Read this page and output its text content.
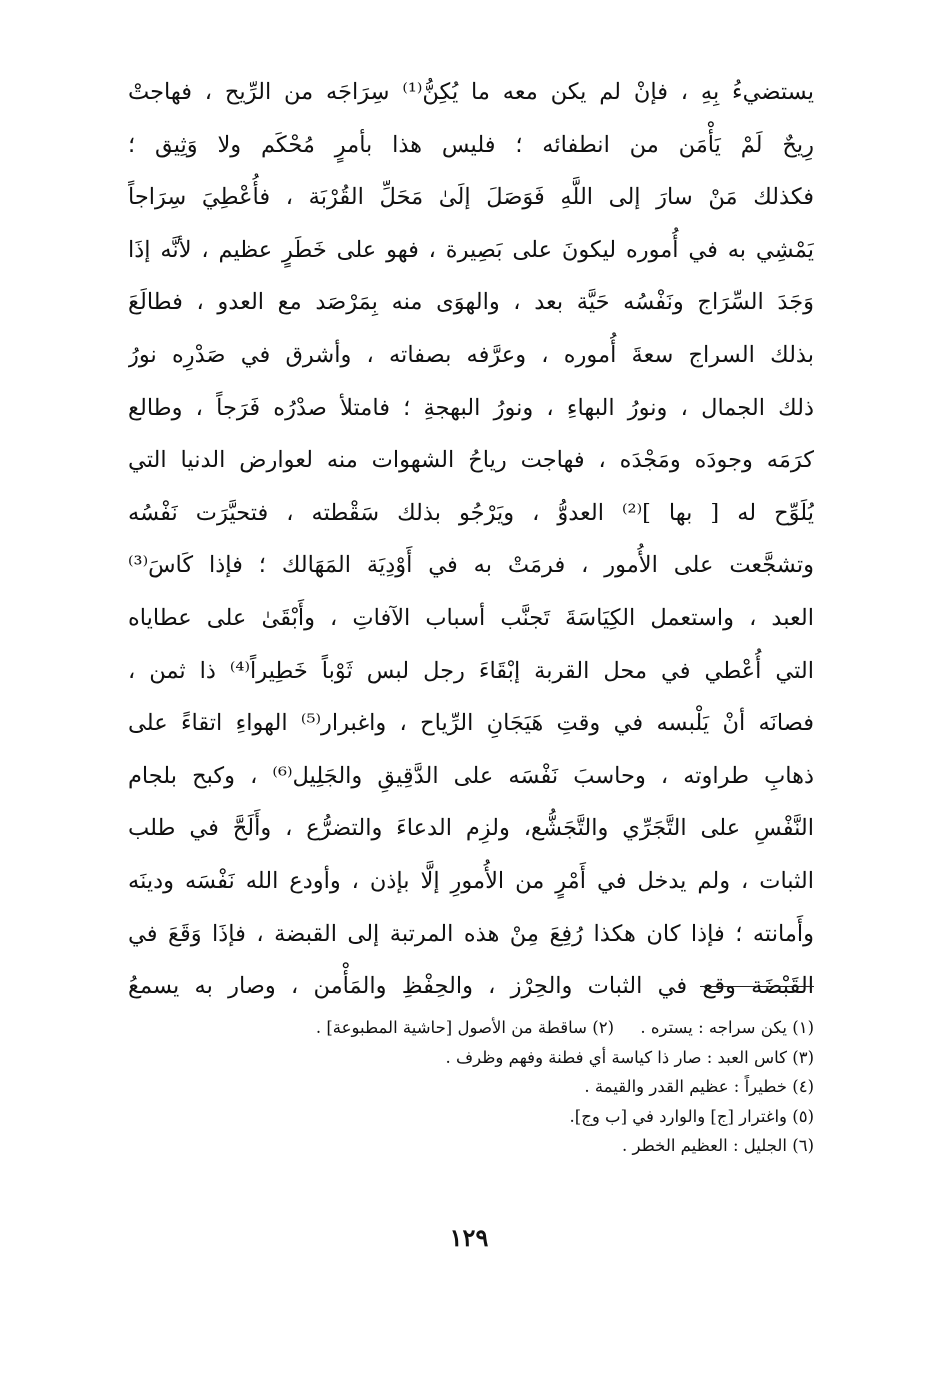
يستضيءُ بِهِ ، فإنْ لم يكن معه ما يُكِنُّ⁽¹⁾ سِرَاجَه من الرِّيح ، فهاجتْ
رِيحٌ لَمْ يَأْمَن من انطفائه ؛ فليس هذا بأمرٍ مُحْكَم ولا وَثِيق ؛
فكذلك مَنْ سارَ إلى اللَّهِ فَوَصَلَ إلَىٰ مَحَلِّ القُرْبَة ، فأُعْطِيَ سِرَاجاً
يَمْشِي به في أُموره ليكونَ على بَصِيرة ، فهو على خَطَرٍ عظيم ، لأنَّه إذَا
وَجَدَ السِّرَاج ونَفْسُه حَيَّة بعد ، والهوَى منه بِمَرْصَد مع العدو ، فطالَعَ
بذلك السراج سعةَ أُموره ، وعرَّفه بصفاته ، وأشرق في صَدْرِه نورُ
ذلك الجمال ، ونورُ البهاءِ ، ونورُ البهجةِ ؛ فامتلأ صدْرُه فَرَجاً ، وطالع
كرَمَه وجودَه ومَجْدَه ، فهاجت رياحُ الشهوات منه لعوارض الدنيا التي
يُلَوِّح له [ بها ]⁽²⁾ العدوُّ ، ويَرْجُو بذلك سَقْطته ، فتحيَّرَت نَفْسُه
وتشجَّعت على الأُمور ، فرمَتْ به في أَوْدِيَة المَهَالك ؛ فإذا كَاسَ⁽³⁾
العبد ، واستعمل الكِيَاسَةَ تَجنَّب أسباب الآفاتِ ، وأَبْقَىٰ على عطاياه
التي أُعْطي في محل القربة إبْقَاءَ رجل لبس ثَوْباً خَطِيراً⁽⁴⁾ ذا ثمن ،
فصانَه أنْ يَلْبسه في وقتِ هَيَجَانِ الرِّياح ، واغبرار⁽⁵⁾ الهواءِ اتقاءً على
ذهابِ طراوته ، وحاسبَ نَفْسَه على الدَّقِيقِ والجَلِيل⁽⁶⁾ ، وكبح بلجام
النَّفْسِ على التَّجَرِّي والتَّجَشُّع، ولزِم الدعاءَ والتضرُّع ، وأَلَحَّ في طلب
الثبات ، ولم يدخل في أَمْرٍ من الأُمورِ إلَّا بإذن ، وأودع الله نَفْسَه ودينَه
وأَمانته ؛ فإذا كان هكذا رُفِعَ مِنْ هذه المرتبة إلى القبضة ، فإذَا وَقَعَ في
القَبْضَة وقع في الثبات والحِرْز ، والحِفْظِ والمَأْمن ، وصار به يسمعُ
(١) يكن سراجه : يستره .
(٢) ساقطة من الأصول [حاشية المطبوعة] .
(٣) كاس العبد : صار ذا كياسة أي فطنة وفهم وظرف .
(٤) خطيراً : عظيم القدر والقيمة .
(٥) واغترار [ج] والوارد في [ب وج].
(٦) الجليل : العظيم الخطر .
١٢٩
